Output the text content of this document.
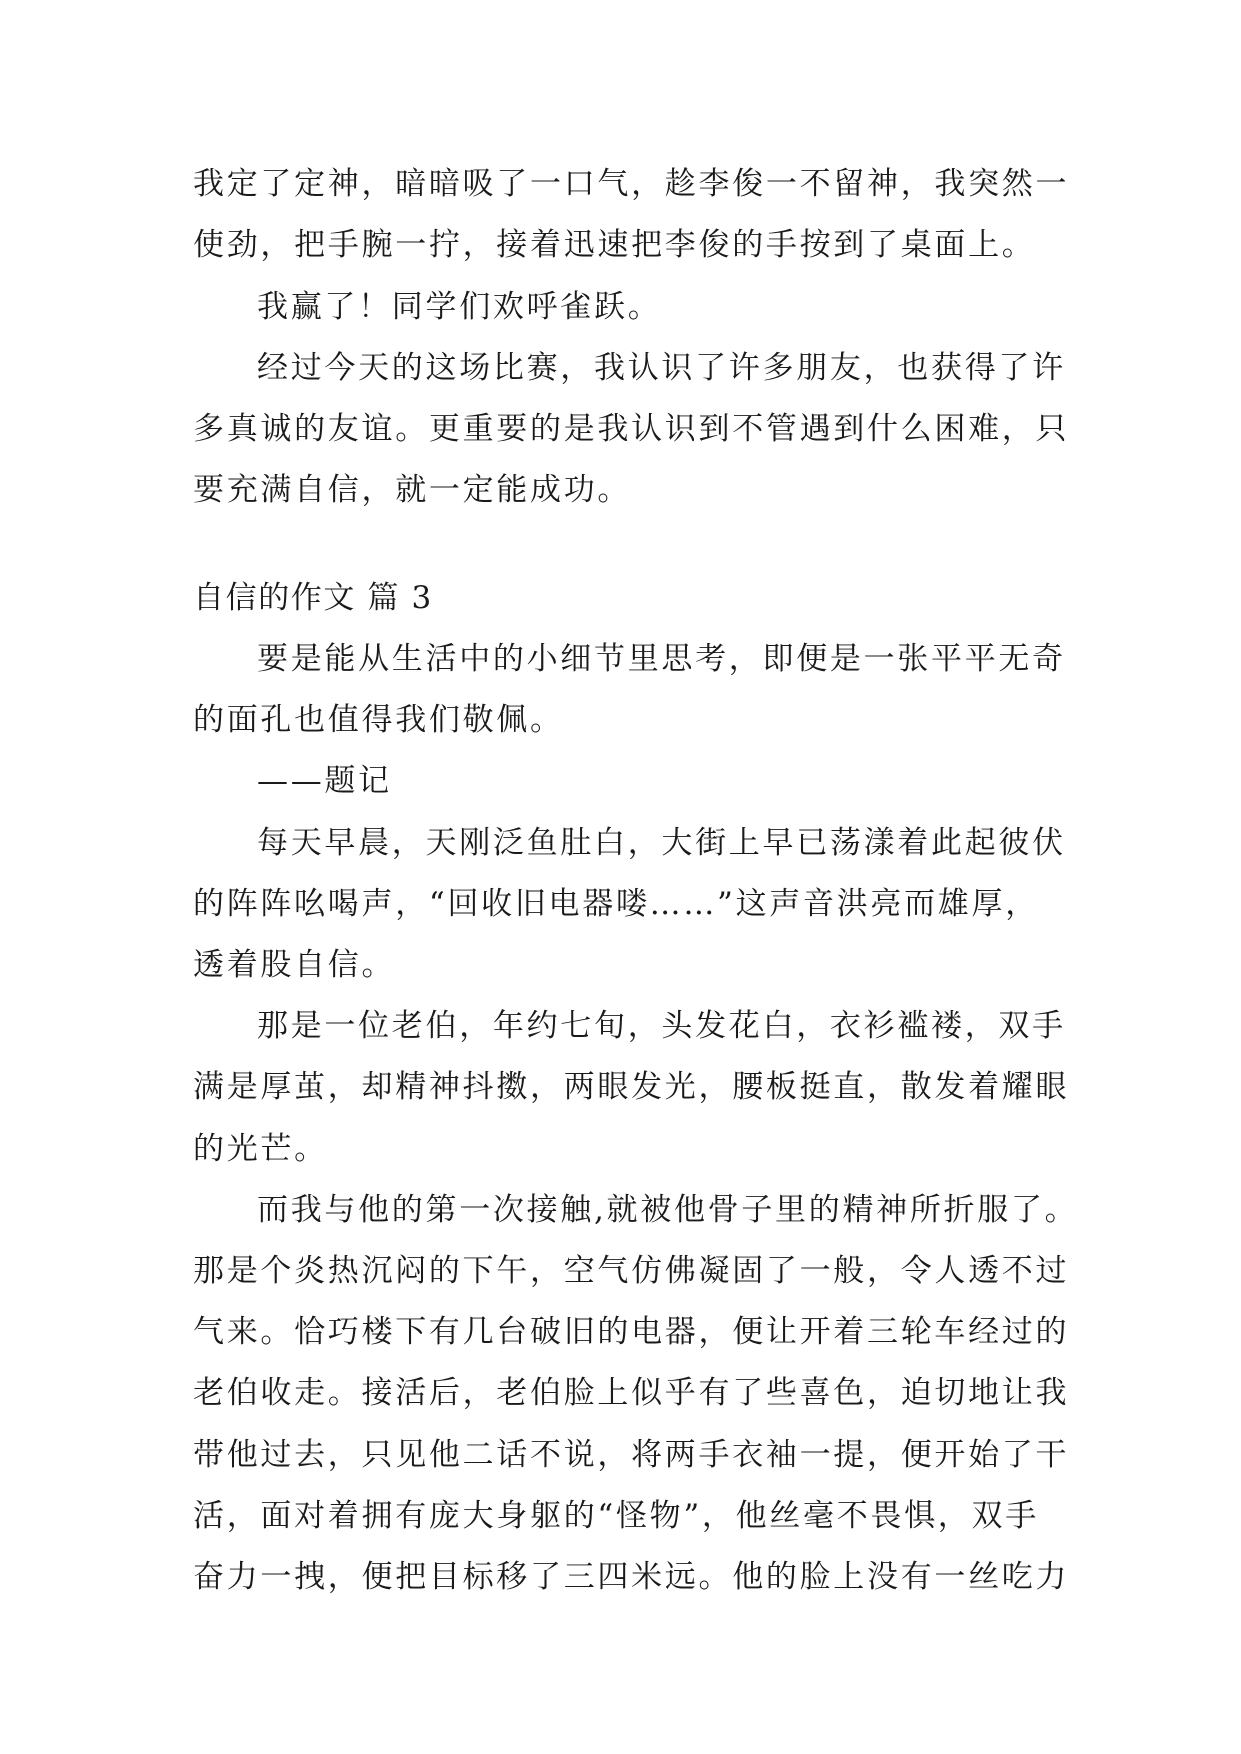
我定了定神，暗暗吸了一口气，趁李俊一不留神，我突然一
使劲，把手腕一拧，接着迅速把李俊的手按到了桌面上。
我赢了！同学们欢呼雀跃。
经过今天的这场比赛，我认识了许多朋友，也获得了许
多真诚的友谊。更重要的是我认识到不管遇到什么困难，只
要充满自信，就一定能成功。
自信的作文 篇 3
要是能从生活中的小细节里思考，即便是一张平平无奇
的面孔也值得我们敬佩。
——题记
每天早晨，天刚泛鱼肚白，大街上早已荡漾着此起彼伏
的阵阵吆喝声，“回收旧电器喽……”这声音洪亮而雄厚，
透着股自信。
那是一位老伯，年约七旬，头发花白，衣衫褴褛，双手
满是厚茧，却精神抖擞，两眼发光，腰板挺直，散发着耀眼
的光芒。
而我与他的第一次接触,就被他骨子里的精神所折服了。
那是个炎热沉闷的下午，空气仿佛凝固了一般，令人透不过
气来。恰巧楼下有几台破旧的电器，便让开着三轮车经过的
老伯收走。接活后，老伯脸上似乎有了些喜色，迫切地让我
带他过去，只见他二话不说，将两手衣袖一提，便开始了干
活，面对着拥有庞大身躯的“怪物”，他丝毫不畏惧，双手
奋力一拽，便把目标移了三四米远。他的脸上没有一丝吃力
